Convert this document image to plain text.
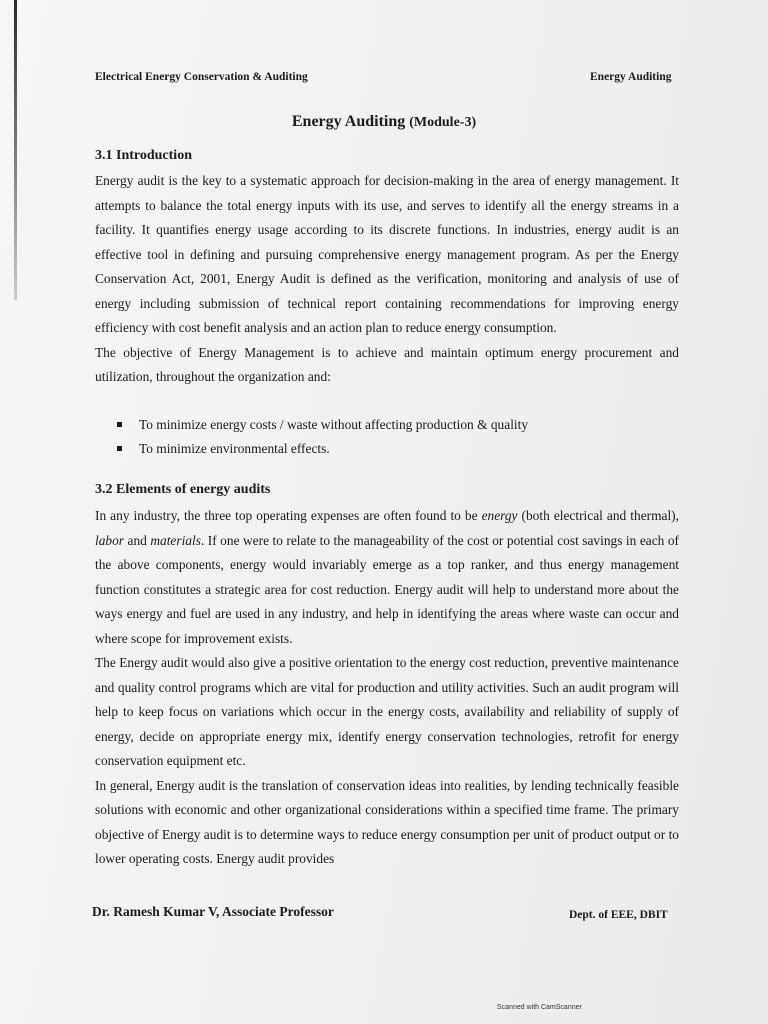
Electrical Energy Conservation & Auditing	Energy Auditing
Energy Auditing (Module-3)
3.1 Introduction

Energy audit is the key to a systematic approach for decision-making in the area of energy management. It attempts to balance the total energy inputs with its use, and serves to identify all the energy streams in a facility. It quantifies energy usage according to its discrete functions. In industries, energy audit is an effective tool in defining and pursuing comprehensive energy management program. As per the Energy Conservation Act, 2001, Energy Audit is defined as the verification, monitoring and analysis of use of energy including submission of technical report containing recommendations for improving energy efficiency with cost benefit analysis and an action plan to reduce energy consumption.

The objective of Energy Management is to achieve and maintain optimum energy procurement and utilization, throughout the organization and:

To minimize energy costs / waste without affecting production & quality
To minimize environmental effects.
3.2 Elements of energy audits

In any industry, the three top operating expenses are often found to be energy (both electrical and thermal), labor and materials. If one were to relate to the manageability of the cost or potential cost savings in each of the above components, energy would invariably emerge as a top ranker, and thus energy management function constitutes a strategic area for cost reduction. Energy audit will help to understand more about the ways energy and fuel are used in any industry, and help in identifying the areas where waste can occur and where scope for improvement exists.

The Energy audit would also give a positive orientation to the energy cost reduction, preventive maintenance and quality control programs which are vital for production and utility activities. Such an audit program will help to keep focus on variations which occur in the energy costs, availability and reliability of supply of energy, decide on appropriate energy mix, identify energy conservation technologies, retrofit for energy conservation equipment etc.

In general, Energy audit is the translation of conservation ideas into realities, by lending technically feasible solutions with economic and other organizational considerations within a specified time frame. The primary objective of Energy audit is to determine ways to reduce energy consumption per unit of product output or to lower operating costs. Energy audit provides

Dr. Ramesh Kumar V, Associate Professor	Dept. of EEE, DBIT
Scanned with CamScanner
